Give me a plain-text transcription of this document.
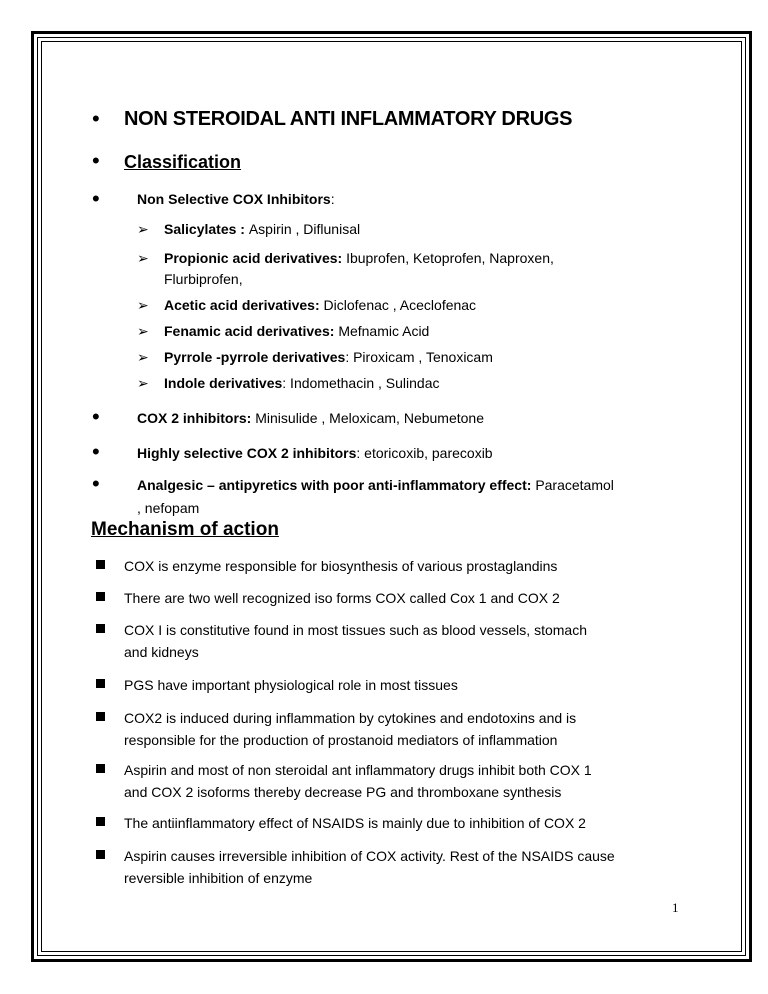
• NON STEROIDAL ANTI INFLAMMATORY DRUGS
• Classification
•	Non Selective COX Inhibitors:
Mechanism of action
1
➢ Salicylates : Aspirin , Diflunisal
➢ Propionic acid derivatives: Ibuprofen, Ketoprofen, Naproxen,
Flurbiprofen,
➢ Acetic acid derivatives: Diclofenac , Aceclofenac
➢ Fenamic acid derivatives: Mefnamic Acid
➢ Pyrrole -pyrrole derivatives: Piroxicam , Tenoxicam
➢ Indole derivatives: Indomethacin , Sulindac
•	COX 2 inhibitors: Minisulide , Meloxicam, Nebumetone
•	Highly selective COX 2 inhibitors: etoricoxib, parecoxib
•	Analgesic – antipyretics with poor anti-inflammatory effect: Paracetamol
, nefopam
COX is enzyme responsible for biosynthesis of various prostaglandins
There are two well recognized iso forms COX called Cox 1 and COX 2
COX I is constitutive found in most tissues such as blood vessels, stomach
and kidneys
PGS have important physiological role in most tissues
COX2 is induced during inflammation by cytokines and endotoxins and is
responsible for the production of prostanoid mediators of inflammation
Aspirin and most of non steroidal ant inflammatory drugs inhibit both COX 1
and COX 2 isoforms thereby decrease PG and thromboxane synthesis
The antiinflammatory effect of NSAIDS is mainly due to inhibition of COX 2
Aspirin causes irreversible inhibition of COX activity. Rest of the NSAIDS cause
reversible inhibition of enzyme
